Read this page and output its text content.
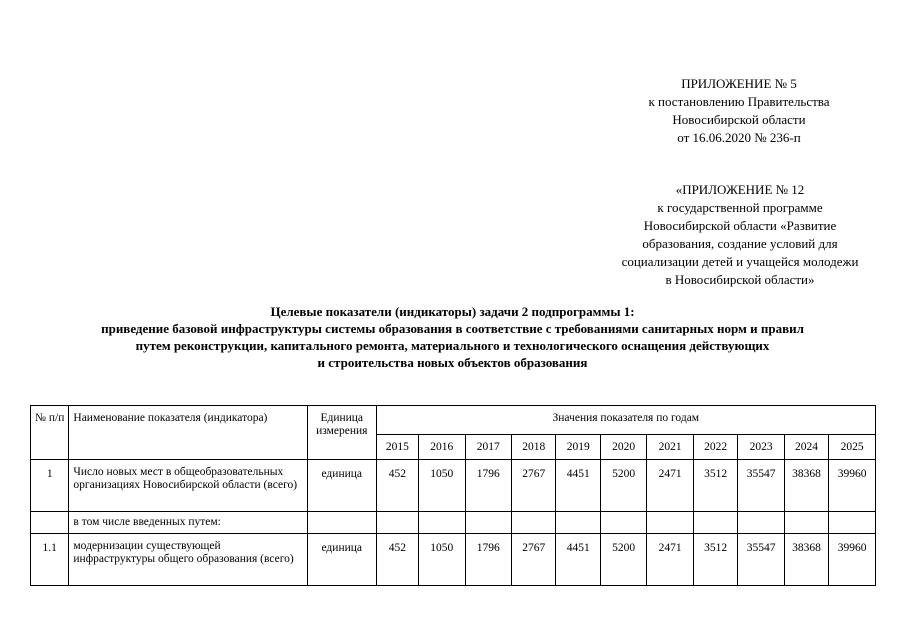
ПРИЛОЖЕНИЕ № 5
к постановлению Правительства
Новосибирской области
от 16.06.2020 № 236-п
«ПРИЛОЖЕНИЕ № 12
к государственной программе
Новосибирской области «Развитие
образования, создание условий для
социализации детей и учащейся молодежи
в Новосибирской области»
Целевые показатели (индикаторы) задачи 2 подпрограммы 1:
приведение базовой инфраструктуры системы образования в соответствие с требованиями санитарных норм и правил
путем реконструкции, капитального ремонта, материального и технологического оснащения действующих
и строительства новых объектов образования
№ п/п	Наименование показателя (индикатора)	Единица измерения	Значения показателя по годам										
			2015	2016	2017	2018	2019	2020	2021	2022	2023	2024	2025
1	Число новых мест в общеобразовательных организациях Новосибирской области (всего)	единица	452	1050	1796	2767	4451	5200	2471	3512	35547	38368	39960
	в том числе введенных путем:												
1.1	модернизации существующей инфраструктуры общего образования (всего)	единица	452	1050	1796	2767	4451	5200	2471	3512	35547	38368	39960
